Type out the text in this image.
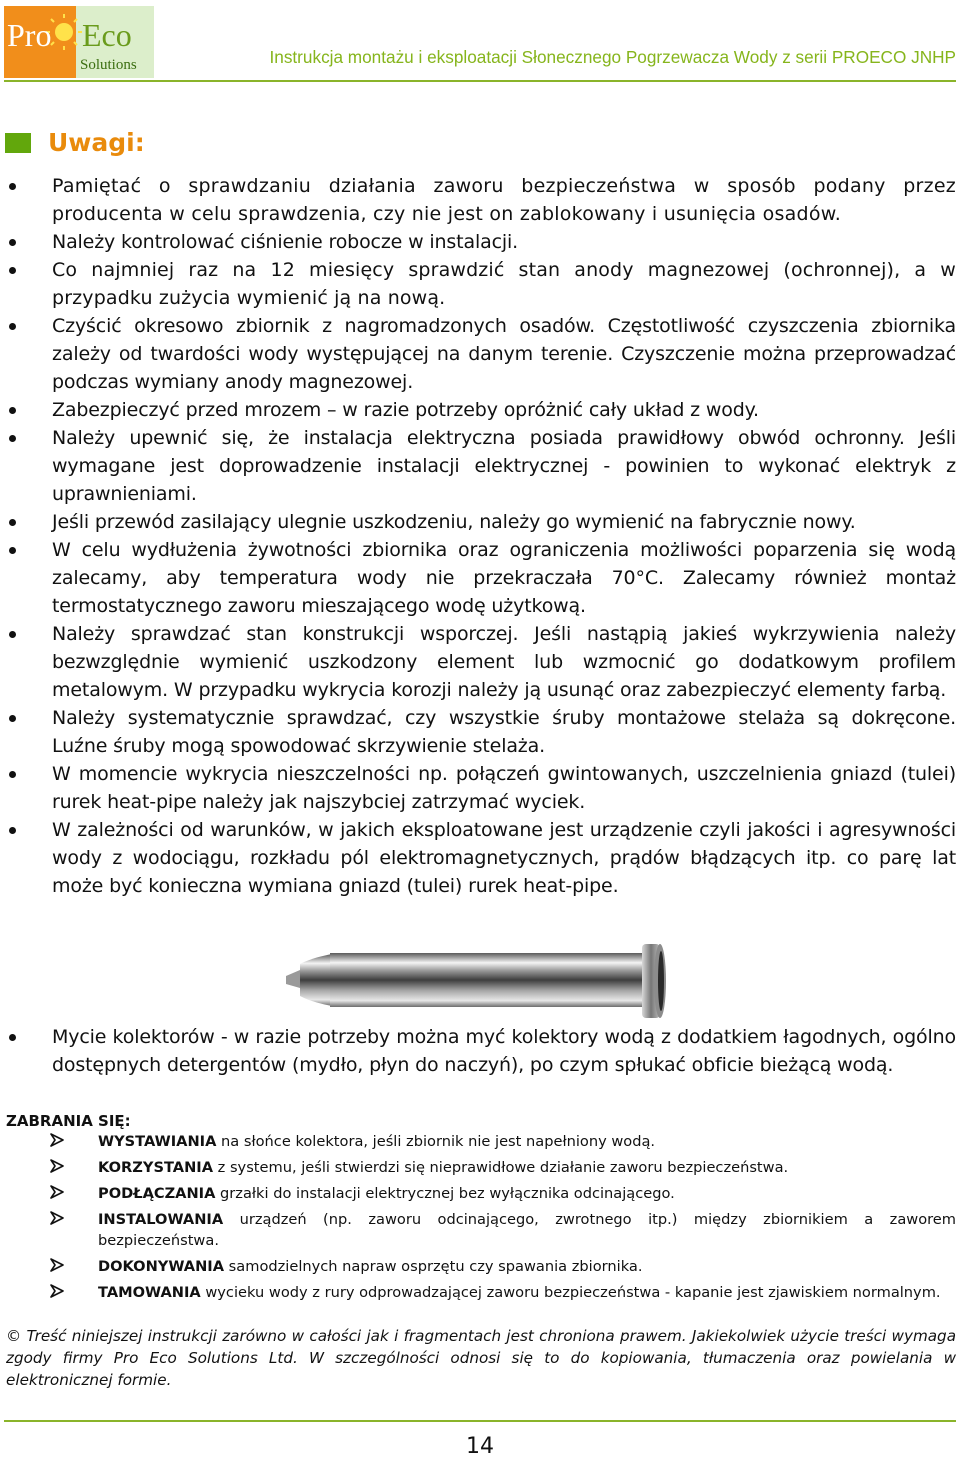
Pro Eco
Solutions	Instrukcja montażu i eksploatacji Słonecznego Pogrzewacza Wody z serii PROECO JNHP
Uwagi:
Pamiętać o sprawdzaniu działania zaworu bezpieczeństwa w sposób podany przez producenta w celu sprawdzenia, czy nie jest on zablokowany i usunięcia osadów.
Należy kontrolować ciśnienie robocze w instalacji.
Co najmniej raz na 12 miesięcy sprawdzić stan anody magnezowej (ochronnej), a w przypadku zużycia wymienić ją na nową.
Czyścić okresowo zbiornik z nagromadzonych osadów. Częstotliwość czyszczenia zbiornika zależy od twardości wody występującej na danym terenie. Czyszczenie można przeprowadzać podczas wymiany anody magnezowej.
Zabezpieczyć przed mrozem – w razie potrzeby opróżnić cały układ z wody.
Należy upewnić się, że instalacja elektryczna posiada prawidłowy obwód ochronny. Jeśli wymagane jest doprowadzenie instalacji elektrycznej - powinien to wykonać elektryk z uprawnieniami.
Jeśli przewód zasilający ulegnie uszkodzeniu, należy go wymienić na fabrycznie nowy.
W celu wydłużenia żywotności zbiornika oraz ograniczenia możliwości poparzenia się wodą zalecamy, aby temperatura wody nie przekraczała 70°C. Zalecamy również montaż termostatycznego zaworu mieszającego wodę użytkową.
Należy sprawdzać stan konstrukcji wsporczej. Jeśli nastąpią jakieś wykrzywienia należy bezwzględnie wymienić uszkodzony element lub wzmocnić go dodatkowym profilem metalowym. W przypadku wykrycia korozji należy ją usunąć oraz zabezpieczyć elementy farbą.
Należy systematycznie sprawdzać, czy wszystkie śruby montażowe stelaża są dokręcone. Luźne śruby mogą spowodować skrzywienie stelaża.
W momencie wykrycia nieszczelności np. połączeń gwintowanych, uszczelnienia gniazd (tulei) rurek heat-pipe należy jak najszybciej zatrzymać wyciek.
W zależności od warunków, w jakich eksploatowane jest urządzenie czyli jakości i agresywności wody z wodociągu, rozkładu pól elektromagnetycznych, prądów błądzących itp. co parę lat może być konieczna wymiana gniazd (tulei) rurek heat-pipe.
Mycie kolektorów - w razie potrzeby można myć kolektory wodą z dodatkiem łagodnych, ogólno dostępnych detergentów (mydło, płyn do naczyń), po czym spłukać obficie bieżącą wodą.
ZABRANIA SIĘ:
WYSTAWIANIA na słońce kolektora, jeśli zbiornik nie jest napełniony wodą.
KORZYSTANIA z systemu, jeśli stwierdzi się nieprawidłowe działanie zaworu bezpieczeństwa.
PODŁĄCZANIA grzałki do instalacji elektrycznej bez wyłącznika odcinającego.
INSTALOWANIA urządzeń (np. zaworu odcinającego, zwrotnego itp.) między zbiornikiem a zaworem bezpieczeństwa.
DOKONYWANIA samodzielnych napraw osprzętu czy spawania zbiornika.
TAMOWANIA wycieku wody z rury odprowadzającej zaworu bezpieczeństwa - kapanie jest zjawiskiem normalnym.
© Treść niniejszej instrukcji zarówno w całości jak i fragmentach jest chroniona prawem. Jakiekolwiek użycie treści wymaga zgody firmy Pro Eco Solutions Ltd. W szczególności odnosi się to do kopiowania, tłumaczenia oraz powielania w elektronicznej formie.
14
